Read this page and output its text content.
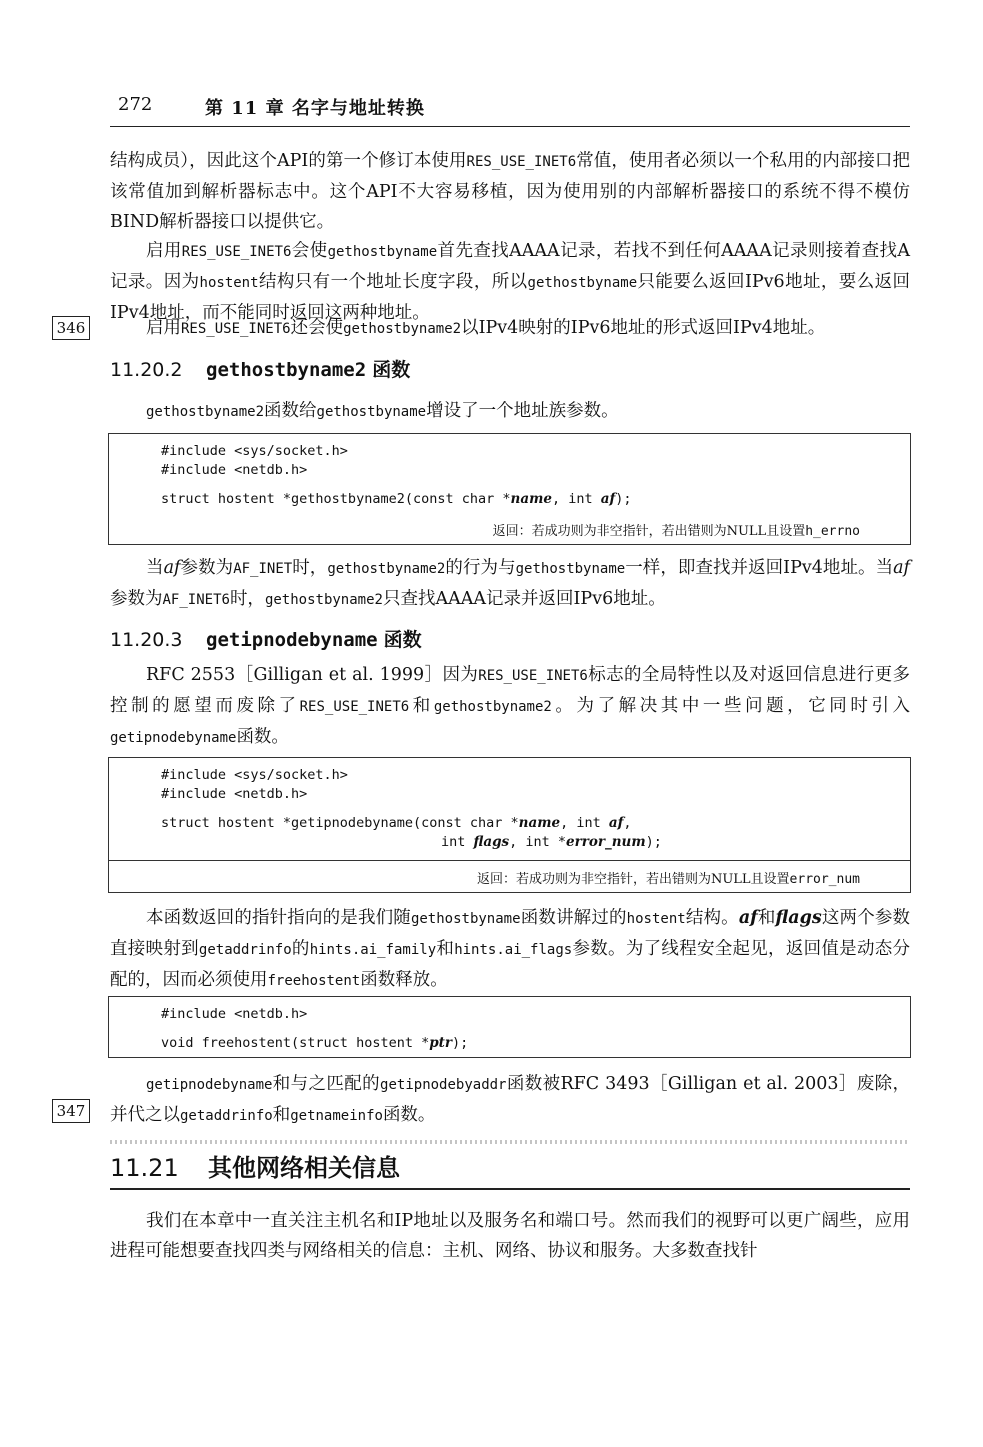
272	第 11 章 名字与地址转换
结构成员），因此这个API的第一个修订本使用RES_USE_INET6常值，使用者必须以一个私用的内部接口把该常值加到解析器标志中。这个API不大容易移植，因为使用别的内部解析器接口的系统不得不模仿BIND解析器接口以提供它。
启用RES_USE_INET6会使gethostbyname首先查找AAAA记录，若找不到任何AAAA记录则接着查找A记录。因为hostent结构只有一个地址长度字段，所以gethostbyname只能要么返回IPv6地址，要么返回IPv4地址，而不能同时返回这两种地址。
346	启用RES_USE_INET6还会使gethostbyname2以IPv4映射的IPv6地址的形式返回IPv4地址。
11.20.2 gethostbyname2 函数
gethostbyname2函数给gethostbyname增设了一个地址族参数。
#include <sys/socket.h>
#include <netdb.h>
struct hostent *gethostbyname2(const char *name, int af);
返回：若成功则为非空指针，若出错则为NULL且设置h_errno
当af参数为AF_INET时，gethostbyname2的行为与gethostbyname一样，即查找并返回IPv4地址。当af参数为AF_INET6时，gethostbyname2只查找AAAA记录并返回IPv6地址。
11.20.3 getipnodebyname 函数
RFC 2553［Gilligan et al. 1999］因为RES_USE_INET6标志的全局特性以及对返回信息进行更多控制的愿望而废除了RES_USE_INET6和gethostbyname2。为了解决其中一些问题，它同时引入getipnodebyname函数。
#include <sys/socket.h>
#include <netdb.h>
struct hostent *getipnodebyname(const char *name, int af,
int flags, int *error_num);
返回：若成功则为非空指针，若出错则为NULL且设置error_num
本函数返回的指针指向的是我们随gethostbyname函数讲解过的hostent结构。af和flags这两个参数直接映射到getaddrinfo的hints.ai_family和hints.ai_flags参数。为了线程安全起见，返回值是动态分配的，因而必须使用freehostent函数释放。
#include <netdb.h>
void freehostent(struct hostent *ptr);
getipnodebyname和与之匹配的getipnodebyaddr函数被RFC 3493［Gilligan et al. 2003］废除，并代之以getaddrinfo和getnameinfo函数。
347
11.21 其他网络相关信息
我们在本章中一直关注主机名和IP地址以及服务名和端口号。然而我们的视野可以更广阔些，应用进程可能想要查找四类与网络相关的信息：主机、网络、协议和服务。大多数查找针
